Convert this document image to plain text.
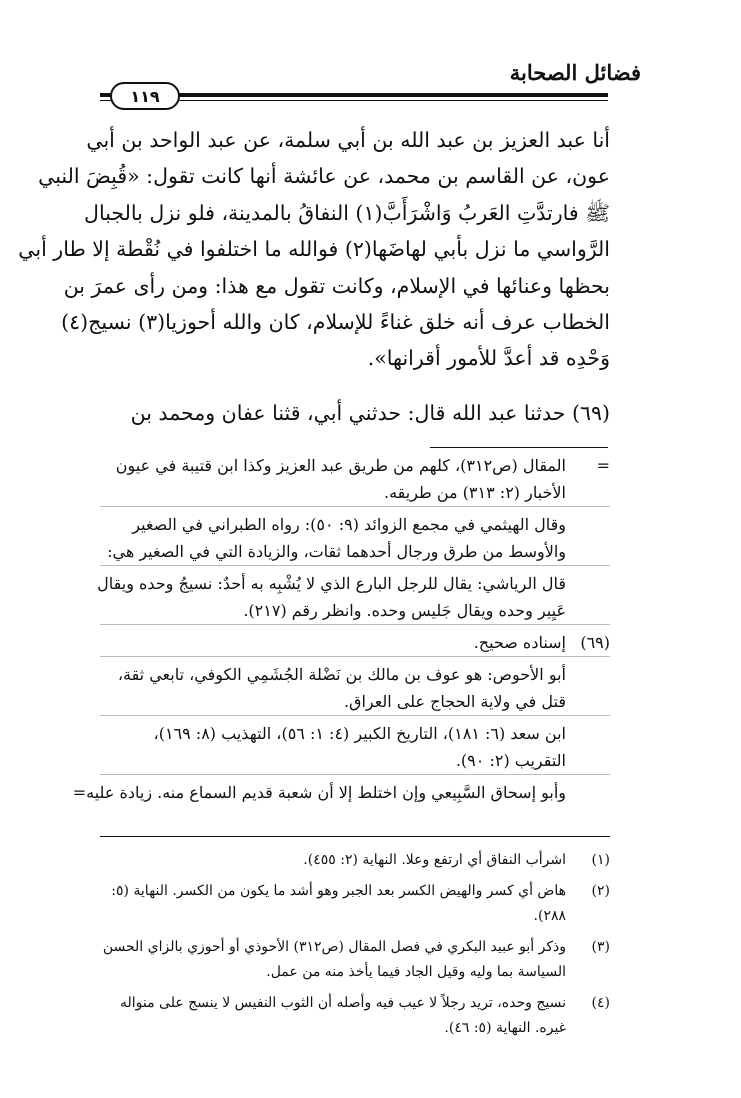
فضائل الصحابة
١١٩
أنا عبد العزيز بن عبد الله بن أبي سلمة، عن عبد الواحد بن أبي
عون، عن القاسم بن محمد، عن عائشة أنها كانت تقول: «قُبِضَ النبي
ﷺ فارتدَّتِ العَربُ وَاشْرَأَبَّ(١) النفاقُ بالمدينة، فلو نزل بالجبال
الرَّواسي ما نزل بأبي لهاضَها(٢) فوالله ما اختلفوا في نُقْطة إلا طار أبي
بحظها وعنائها في الإسلام، وكانت تقول مع هذا: ومن رأى عمرَ بن
الخطاب عرف أنه خلق غناءً للإسلام، كان والله أحوزيا(٣) نسيج(٤)
وَحْدِه قد أعدَّ للأمور أقرانها».
(٦٩) حدثنا عبد الله قال: حدثني أبي، قثنا عفان ومحمد بن
=
المقال (ص٣١٢)، كلهم من طريق عبد العزيز وكذا ابن قتيبة في عيون
الأخبار (٢: ٣١٣) من طريقه.
وقال الهيثمي في مجمع الزوائد (٩: ٥٠): رواه الطبراني في الصغير
والأوسط من طرق ورجال أحدهما ثقات، والزيادة التي في الصغير هي:
قال الرياشي: يقال للرجل البارع الذي لا يُشْبِه به أحدٌ: نسيجُ وحده ويقال
عَيِير وحده ويقال جَليس وحده. وانظر رقم (٢١٧).
(٦٩)
إسناده صحيح.
أبو الأحوص: هو عوف بن مالك بن نَضْلة الجُشَمِي الكوفي، تابعي ثقة،
قتل في ولاية الحجاج على العراق.
ابن سعد (٦: ١٨١)، التاريخ الكبير (٤: ١: ٥٦)، التهذيب (٨: ١٦٩)،
التقريب (٢: ٩٠).
وأبو إسحاق السَّبِيعي وإن اختلط إلا أن شعبة قديم السماع منه. زيادة عليه=
(١)
اشرأب النفاق أي ارتفع وعلا. النهاية (٢: ٤٥٥).
(٢)
هاض أي كسر والهيض الكسر بعد الجبر وهو أشد ما يكون من الكسر. النهاية (٥:
٢٨٨).
(٣)
وذكر أبو عبيد البكري في فصل المقال (ص٣١٢) الأحوذي أو أحوزي بالزاي الحسن
السياسة بما وليه وقيل الجاد فيما يأخذ منه من عمل.
(٤)
نسيج وحده، تريد رجلاً لا عيب فيه وأصله أن الثوب النفيس لا ينسج على منواله
غيره. النهاية (٥: ٤٦).
